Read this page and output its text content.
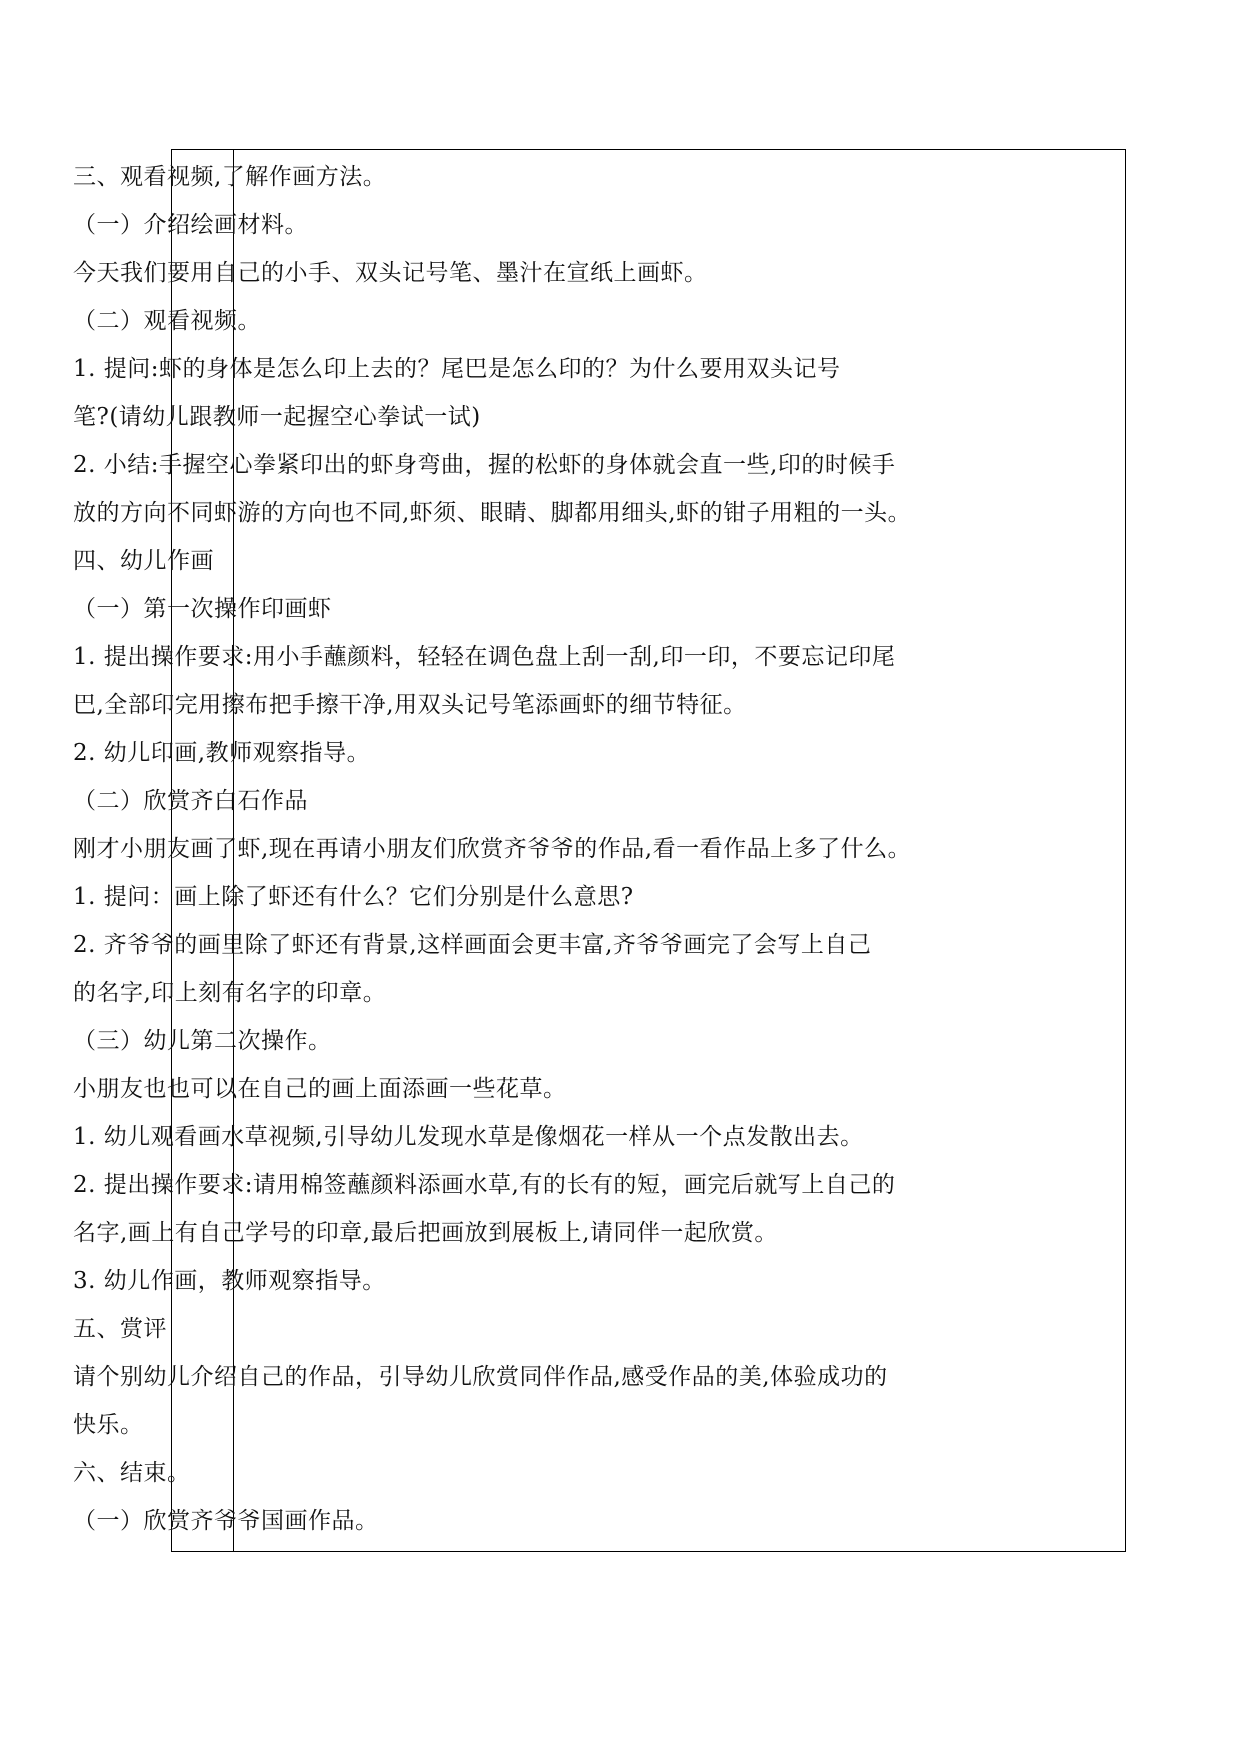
三、观看视频,了解作画方法。
（一）介绍绘画材料。
今天我们要用自己的小手、双头记号笔、墨汁在宣纸上画虾。
（二）观看视频。
1. 提问:虾的身体是怎么印上去的？尾巴是怎么印的？为什么要用双头记号
笔?(请幼儿跟教师一起握空心拳试一试)
2. 小结:手握空心拳紧印出的虾身弯曲，握的松虾的身体就会直一些,印的时候手
放的方向不同虾游的方向也不同,虾须、眼睛、脚都用细头,虾的钳子用粗的一头。
四、幼儿作画
（一）第一次操作印画虾
1. 提出操作要求:用小手蘸颜料，轻轻在调色盘上刮一刮,印一印，不要忘记印尾
巴,全部印完用擦布把手擦干净,用双头记号笔添画虾的细节特征。
2. 幼儿印画,教师观察指导。
（二）欣赏齐白石作品
刚才小朋友画了虾,现在再请小朋友们欣赏齐爷爷的作品,看一看作品上多了什么。
1. 提问：画上除了虾还有什么？它们分别是什么意思?
2. 齐爷爷的画里除了虾还有背景,这样画面会更丰富,齐爷爷画完了会写上自己
的名字,印上刻有名字的印章。
（三）幼儿第二次操作。
小朋友也也可以在自己的画上面添画一些花草。
1. 幼儿观看画水草视频,引导幼儿发现水草是像烟花一样从一个点发散出去。
2. 提出操作要求:请用棉签蘸颜料添画水草,有的长有的短，画完后就写上自己的
名字,画上有自己学号的印章,最后把画放到展板上,请同伴一起欣赏。
3. 幼儿作画，教师观察指导。
五、赏评
请个别幼儿介绍自己的作品，引导幼儿欣赏同伴作品,感受作品的美,体验成功的
快乐。
六、结束。
（一）欣赏齐爷爷国画作品。
